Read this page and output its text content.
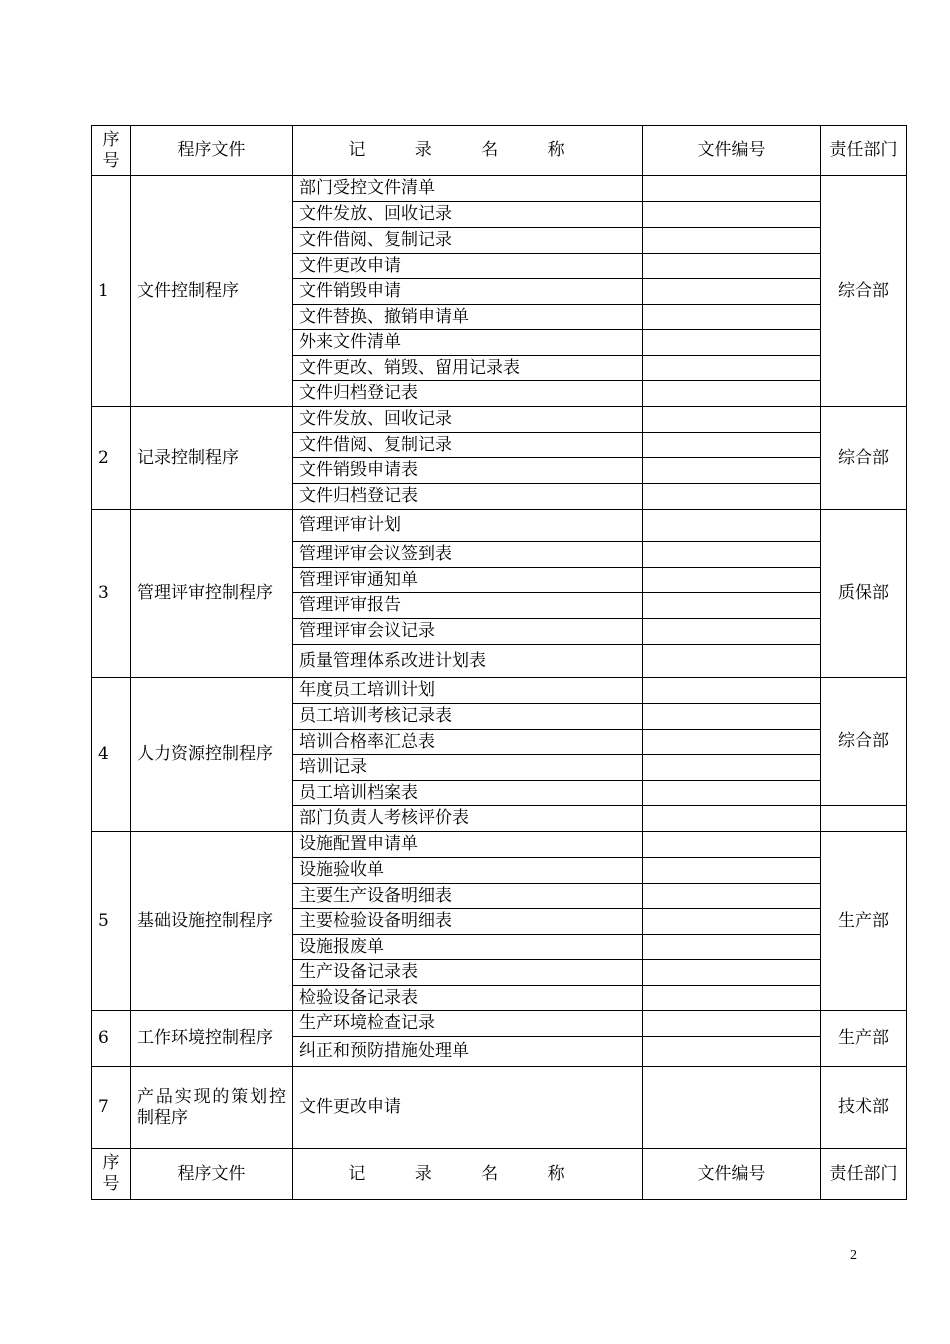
序号	程序文件	记 录 名 称	文件编号	责任部门
1	文件控制程序	部门受控文件清单		综合部
		文件发放、回收记录		
		文件借阅、复制记录		
		文件更改申请		
		文件销毁申请		
		文件替换、撤销申请单		
		外来文件清单		
		文件更改、销毁、留用记录表		
		文件归档登记表		
2	记录控制程序	文件发放、回收记录		综合部
		文件借阅、复制记录		
		文件销毁申请表		
		文件归档登记表		
3	管理评审控制程序	管理评审计划		质保部
		管理评审会议签到表		
		管理评审通知单		
		管理评审报告		
		管理评审会议记录		
		质量管理体系改进计划表		
4	人力资源控制程序	年度员工培训计划		综合部
		员工培训考核记录表		
		培训合格率汇总表		
		培训记录		
		员工培训档案表		
		部门负责人考核评价表		
5	基础设施控制程序	设施配置申请单		生产部
		设施验收单		
		主要生产设备明细表		
		主要检验设备明细表		
		设施报废单		
		生产设备记录表		
		检验设备记录表		
6	工作环境控制程序	生产环境检查记录		生产部
		纠正和预防措施处理单		
7	产品实现的策划控制程序	文件更改申请		技术部
序号	程序文件	记 录 名 称	文件编号	责任部门
2
